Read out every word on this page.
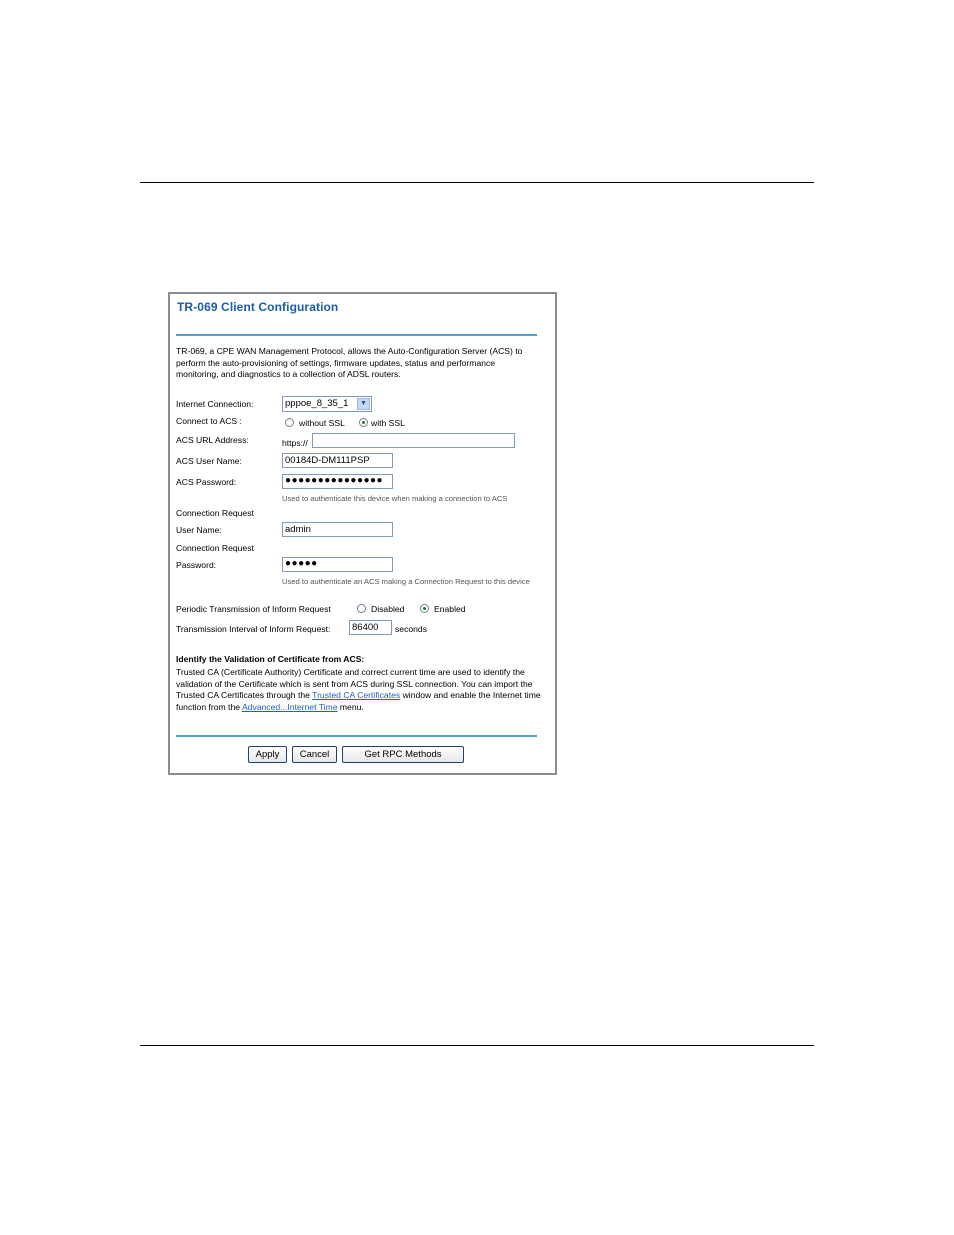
TR-069 Client Configuration
TR-069, a CPE WAN Management Protocol, allows the Auto-Configuration Server (ACS) to perform the auto-provisioning of settings, firmware updates, status and performance monitoring, and diagnostics to a collection of ADSL routers.
Internet Connection:	pppoe_8_35_1	▼
Connect to ACS :	without SSL	with SSL
ACS URL Address:	https://
ACS User Name:	00184D-DM111PSP
ACS Password:	●●●●●●●●●●●●●●●
Used to authenticate this device when making a connection to ACS
Connection Request
User Name:	admin
Connection Request
Password:	●●●●●
Used to authenticate an ACS making a Connection Request to this device
Periodic Transmission of Inform Request	Disabled	Enabled
Transmission Interval of Inform Request:	86400	seconds
Identify the Validation of Certificate from ACS:
Trusted CA (Certificate Authority) Certificate and correct current time are used to identify the validation of the Certificate which is sent from ACS during SSL connection. You can import the Trusted CA Certificates through the Trusted CA Certificates window and enable the Internet time function from the Advanced...Internet Time menu.
Apply	Cancel	Get RPC Methods
